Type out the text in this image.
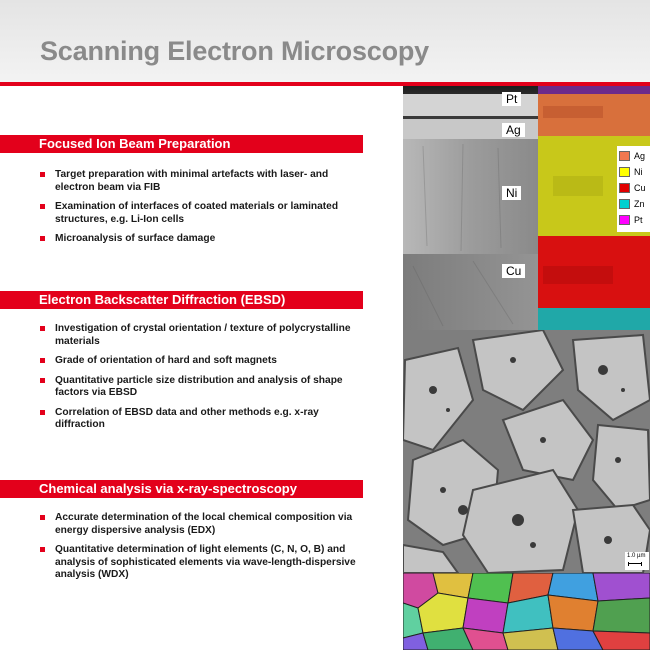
Scanning Electron Microscopy
Focused Ion Beam Preparation
Target preparation with minimal artefacts with laser- and electron beam via FIB
Examination of interfaces of coated materials or laminated structures, e.g. Li-Ion cells
Microanalysis of surface damage
Electron Backscatter Diffraction (EBSD)
Investigation of crystal orientation / texture of polycrystalline materials
Grade of orientation of hard and soft magnets
Quantitative particle size distribution and analysis of shape factors via EBSD
Correlation of EBSD data and other methods e.g. x-ray diffraction
Chemical analysis via x-ray-spectroscopy
Accurate determination of the local chemical composition via energy dispersive analysis (EDX)
Quantitative determination of light elements (C, N, O, B) and analysis of sophisticated elements via wave-length-dispersive analysis (WDX)
Pt
Ag
Ni
Cu
Ag
Ni
Cu
Zn
Pt
1.0 µm
